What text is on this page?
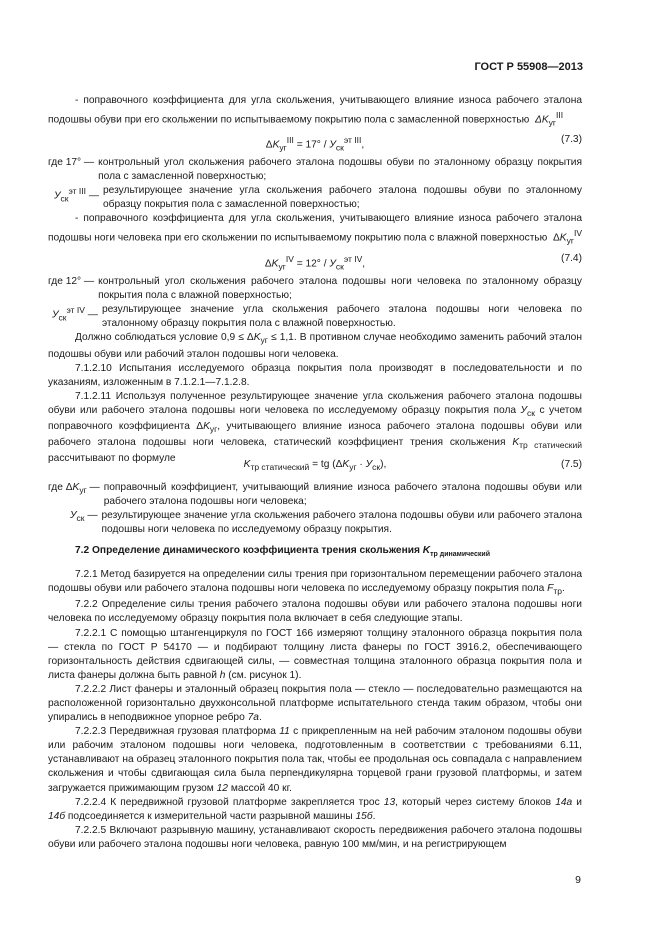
ГОСТ Р 55908—2013

- поправочного коэффициента для угла скольжения, учитывающего влияние износа рабочего эталона подошвы обуви при его скольжении по испытываемому покрытию пола с замасленной поверхностью  $\Delta K_{уг}^{III}$

$\Delta K_{уг}^{III} = 17^\circ / У_{ск}^{эт III}$,	(7.3)
где 17° — контрольный угол скольжения рабочего эталона подошвы обуви по эталонному образцу покрытия пола с замасленной поверхностью;
$У_{ск}^{эт III}$ — результирующее значение угла скольжения рабочего эталона подошвы обуви по эталонному образцу покрытия пола с замасленной поверхностью;

- поправочного коэффициента для угла скольжения, учитывающего влияние износа рабочего эталона подошвы ноги человека при его скольжении по испытываемому покрытию пола с влажной поверхностью  $\Delta K_{уг}^{IV}$

$\Delta K_{уг}^{IV} = 12^\circ / У_{ск}^{эт IV}$,	(7.4)
где 12° — контрольный угол скольжения рабочего эталона подошвы ноги человека по эталонному образцу покрытия пола с влажной поверхностью;
$У_{ск}^{эт IV}$ — результирующее значение угла скольжения рабочего эталона подошвы ноги человека по эталонному образцу покрытия пола с влажной поверхностью.

Должно соблюдаться условие $0,9 \le \Delta K_{уг} \le 1,1$. В противном случае необходимо заменить рабочий эталон подошвы обуви или рабочий эталон подошвы ноги человека.

7.1.2.10 Испытания исследуемого образца покрытия пола производят в последовательности и по указаниям, изложенным в 7.1.2.1—7.1.2.8.

7.1.2.11 Используя полученное результирующее значение угла скольжения рабочего эталона подошвы обуви или рабочего эталона подошвы ноги человека по исследуемому образцу покрытия пола $У_{ск}$ с учетом поправочного коэффициента $\Delta K_{уг}$, учитывающего влияние износа рабочего эталона подошвы обуви или рабочего эталона подошвы ноги человека, статический коэффициент трения скольжения $K_{тр статический}$ рассчитывают по формуле

$K_{тр статический}$ = tg $(\Delta K_{уг} \cdot У_{ск})$,	(7.5)
где $\Delta K_{уг}$ — поправочный коэффициент, учитывающий влияние износа рабочего эталона подошвы обуви или рабочего эталона подошвы ноги человека;
$У_{ск}$ — результирующее значение угла скольжения рабочего эталона подошвы обуви или рабочего эталона подошвы ноги человека по исследуемому образцу покрытия.

7.2 Определение динамического коэффициента трения скольжения $K_{тр динамический}$

7.2.1 Метод базируется на определении силы трения при горизонтальном перемещении рабочего эталона подошвы обуви или рабочего эталона подошвы ноги человека по исследуемому образцу покрытия пола $F_{тр}$.

7.2.2 Определение силы трения рабочего эталона подошвы обуви или рабочего эталона подошвы ноги человека по исследуемому образцу покрытия пола включает в себя следующие этапы.

7.2.2.1 С помощью штангенциркуля по ГОСТ 166 измеряют толщину эталонного образца покрытия пола — стекла по ГОСТ Р 54170 — и подбирают толщину листа фанеры по ГОСТ 3916.2, обеспечивающего горизонтальность действия сдвигающей силы, — совместная толщина эталонного образца покрытия пола и листа фанеры должна быть равной h (см. рисунок 1).

7.2.2.2 Лист фанеры и эталонный образец покрытия пола — стекло — последовательно размещаются на расположенной горизонтально двухконсольной платформе испытательного стенда таким образом, чтобы они упирались в неподвижное упорное ребро 7а.

7.2.2.3 Передвижная грузовая платформа 11 с прикрепленным на ней рабочим эталоном подошвы обуви или рабочим эталоном подошвы ноги человека, подготовленным в соответствии с требованиями 6.11, устанавливают на образец эталонного покрытия пола так, чтобы ее продольная ось совпадала с направлением скольжения и чтобы сдвигающая сила была перпендикулярна торцевой грани грузовой платформы, и затем загружается прижимающим грузом 12 массой 40 кг.

7.2.2.4 К передвижной грузовой платформе закрепляется трос 13, который через систему блоков 14а и 14б подсоединяется к измерительной части разрывной машины 15б.

7.2.2.5 Включают разрывную машину, устанавливают скорость передвижения рабочего эталона подошвы обуви или рабочего эталона подошвы ноги человека, равную 100 мм/мин, и на регистрирующем

9
